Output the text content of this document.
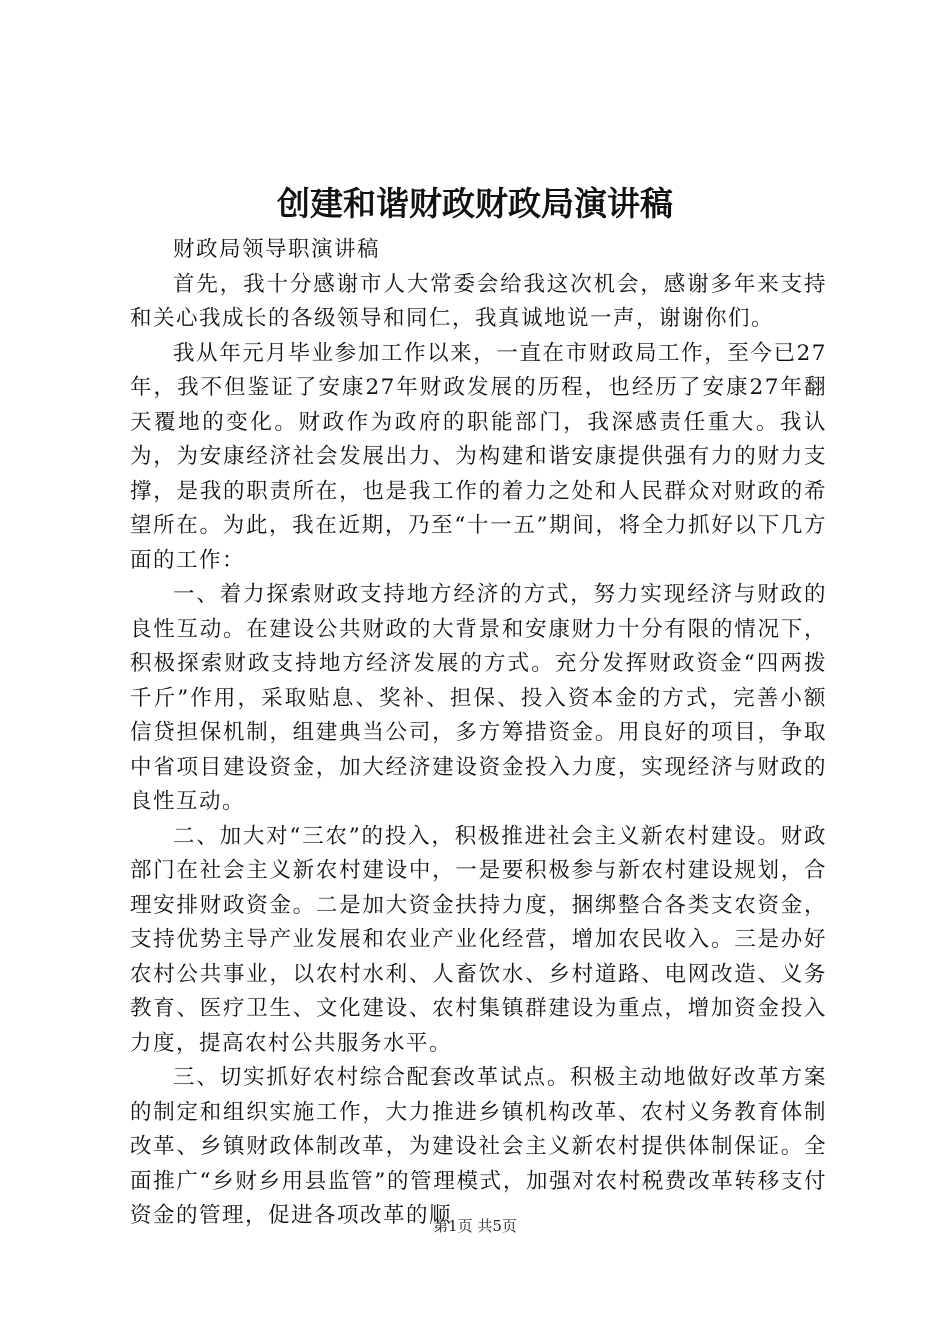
创建和谐财政财政局演讲稿

财政局领导职演讲稿

首先，我十分感谢市人大常委会给我这次机会，感谢多年来支持和关心我成长的各级领导和同仁，我真诚地说一声，谢谢你们。

我从年元月毕业参加工作以来，一直在市财政局工作，至今已27年，我不但鉴证了安康27年财政发展的历程，也经历了安康27年翻天覆地的变化。财政作为政府的职能部门，我深感责任重大。我认为，为安康经济社会发展出力、为构建和谐安康提供强有力的财力支撑，是我的职责所在，也是我工作的着力之处和人民群众对财政的希望所在。为此，我在近期，乃至“十一五”期间，将全力抓好以下几方面的工作：

一、着力探索财政支持地方经济的方式，努力实现经济与财政的良性互动。在建设公共财政的大背景和安康财力十分有限的情况下，积极探索财政支持地方经济发展的方式。充分发挥财政资金“四两拨千斤”作用，采取贴息、奖补、担保、投入资本金的方式，完善小额信贷担保机制，组建典当公司，多方筹措资金。用良好的项目，争取中省项目建设资金，加大经济建设资金投入力度，实现经济与财政的良性互动。

二、加大对“三农”的投入，积极推进社会主义新农村建设。财政部门在社会主义新农村建设中，一是要积极参与新农村建设规划，合理安排财政资金。二是加大资金扶持力度，捆绑整合各类支农资金，支持优势主导产业发展和农业产业化经营，增加农民收入。三是办好农村公共事业，以农村水利、人畜饮水、乡村道路、电网改造、义务教育、医疗卫生、文化建设、农村集镇群建设为重点，增加资金投入力度，提高农村公共服务水平。

三、切实抓好农村综合配套改革试点。积极主动地做好改革方案的制定和组织实施工作，大力推进乡镇机构改革、农村义务教育体制改革、乡镇财政体制改革，为建设社会主义新农村提供体制保证。全面推广“乡财乡用县监管”的管理模式，加强对农村税费改革转移支付资金的管理，促进各项改革的顺

第1页 共5页
